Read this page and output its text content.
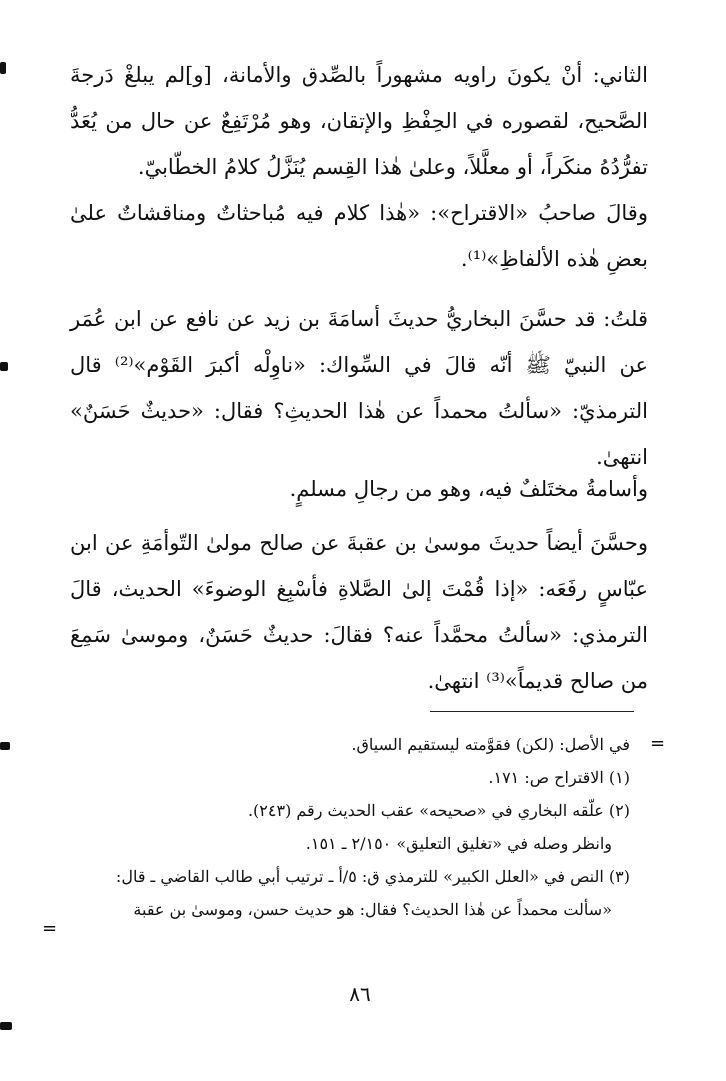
الثاني: أنْ يكونَ راويه مشهوراً بالصِّدق والأمانة، [و]لم يبلغْ دَرجةَ الصَّحيح، لقصوره في الحِفْظِ والإتقان، وهو مُرْتَفِعٌ عن حال من يُعَدُّ تفرُّدُهُ منكَراً، أو معلَّلاً، وعلىٰ هٰذا القِسم يُنَزَّلُ كلامُ الخطّابيّ.

وقالَ صاحبُ «الاقتراح»: «هٰذا كلام فيه مُباحثاتٌ ومناقشاتٌ علىٰ بعضِ هٰذه الألفاظِ»⁽¹⁾.

قلتُ: قد حسَّنَ البخاريُّ حديثَ أسامَةَ بن زيد عن نافع عن ابن عُمَر عن النبيّ ﷺ أنّه قالَ في السِّواك: «ناوِلْه أكبرَ القَوْم»⁽²⁾ قال الترمذيّ: «سألتُ محمداً عن هٰذا الحديثِ؟ فقال: «حديثٌ حَسَنٌ» انتهىٰ.

وأسامةُ مختَلفٌ فيه، وهو من رجالِ مسلمٍ.

وحسَّنَ أيضاً حديثَ موسىٰ بن عقبةَ عن صالح مولىٰ التّوأمَةِ عن ابن عبّاسٍ رفَعَه: «إذا قُمْتَ إلىٰ الصَّلاةِ فأسْبِغ الوضوءَ» الحديث، قالَ الترمذي: «سألتُ محمَّداً عنه؟ فقالَ: حديثٌ حَسَنٌ، وموسىٰ سَمِعَ من صالح قديماً»⁽³⁾ انتهىٰ.

في الأصل: (لكن) فقوَّمته ليستقيم السياق.

(١) الاقتراح ص: ١٧١.

(٢) علّقه البخاري في «صحيحه» عقب الحديث رقم (٢٤٣).

وانظر وصله في «تغليق التعليق» ٢/١٥٠ ـ ١٥١.

(٣) النص في «العلل الكبير» للترمذي ق: ٥/أ ـ ترتيب أبي طالب القاضي ـ قال:

«سألت محمداً عن هٰذا الحديث؟ فقال: هو حديث حسن، وموسىٰ بن عقبة

=
=
٨٦
